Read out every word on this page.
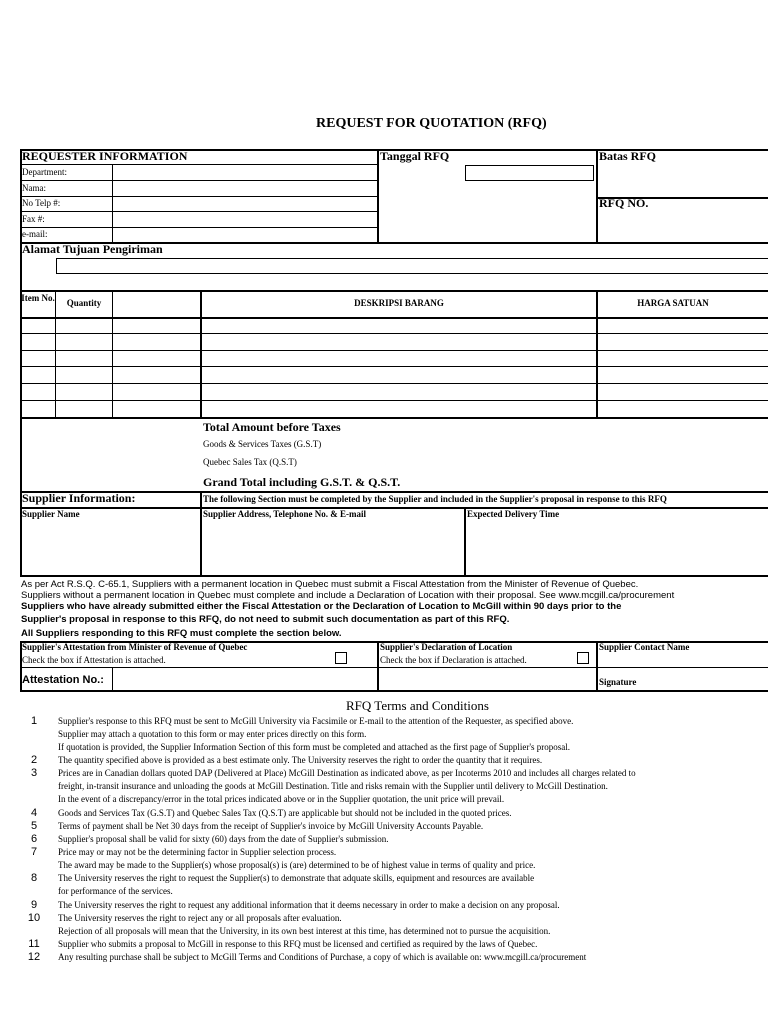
REQUEST FOR QUOTATION (RFQ)
REQUESTER INFORMATION	Tanggal RFQ	Batas RFQ
RFQ NO.
Department:
Nama:
No Telp #:
Fax #:
e-mail:
Alamat Tujuan Pengiriman
Item No.	Quantity	DESKRIPSI BARANG	HARGA SATUAN
Total Amount before Taxes
Goods & Services Taxes (G.S.T)
Quebec Sales Tax (Q.S.T)
Grand Total including G.S.T. & Q.S.T.
Supplier Information:	The following Section must be completed by the Supplier and included in the Supplier's proposal in response to this RFQ
Supplier Name	Supplier Address, Telephone No. & E-mail	Expected Delivery Time
As per Act R.S.Q. C-65.1, Suppliers with a permanent location in Quebec must submit a Fiscal Attestation from the Minister of Revenue of Quebec.
Suppliers without a permanent location in Quebec must complete and include a Declaration of Location with their proposal. See www.mcgill.ca/procurement
Suppliers who have already submitted either the Fiscal Attestation or the Declaration of Location to McGill within 90 days prior to the
Supplier's proposal in response to this RFQ, do not need to submit such documentation as part of this RFQ.
All Suppliers responding to this RFQ must complete the section below.
Supplier's Attestation from Minister of Revenue of Quebec
Check the box if Attestation is attached.
Supplier's Declaration of Location
Check the box if Declaration is attached.
Supplier Contact Name
Attestation No.:	Signature
RFQ Terms and Conditions
1	Supplier's response to this RFQ must be sent to McGill University via Facsimile or E-mail to the attention of the Requester, as specified above.
Supplier may attach a quotation to this form or may enter prices directly on this form.
If quotation is provided, the Supplier Information Section of this form must be completed and attached as the first page of Supplier's proposal.
2	The quantity specified above is provided as a best estimate only. The University reserves the right to order the quantity that it requires.
3	Prices are in Canadian dollars quoted DAP (Delivered at Place) McGill Destination as indicated above, as per Incoterms 2010 and includes all charges related to
freight, in-transit insurance and unloading the goods at McGill Destination. Title and risks remain with the Supplier until delivery to McGill Destination.
In the event of a discrepancy/error in the total prices indicated above or in the Supplier quotation, the unit price will prevail.
4	Goods and Services Tax (G.S.T) and Quebec Sales Tax (Q.S.T) are applicable but should not be included in the quoted prices.
5	Terms of payment shall be Net 30 days from the receipt of Supplier's invoice by McGill University Accounts Payable.
6	Supplier's proposal shall be valid for sixty (60) days from the date of Supplier's submission.
7	Price may or may not be the determining factor in Supplier selection process.
The award may be made to the Supplier(s) whose proposal(s) is (are) determined to be of highest value in terms of quality and price.
8	The University reserves the right to request the Supplier(s) to demonstrate that adquate skills, equipment and resources are available
for performance of the services.
9	The University reserves the right to request any additional information that it deems necessary in order to make a decision on any proposal.
10	The University reserves the right to reject any or all proposals after evaluation.
Rejection of all proposals will mean that the University, in its own best interest at this time, has determined not to pursue the acquisition.
11	Supplier who submits a proposal to McGill in response to this RFQ must be licensed and certified as required by the laws of Quebec.
12	Any resulting purchase shall be subject to McGill Terms and Conditions of Purchase, a copy of which is available on: www.mcgill.ca/procurement
